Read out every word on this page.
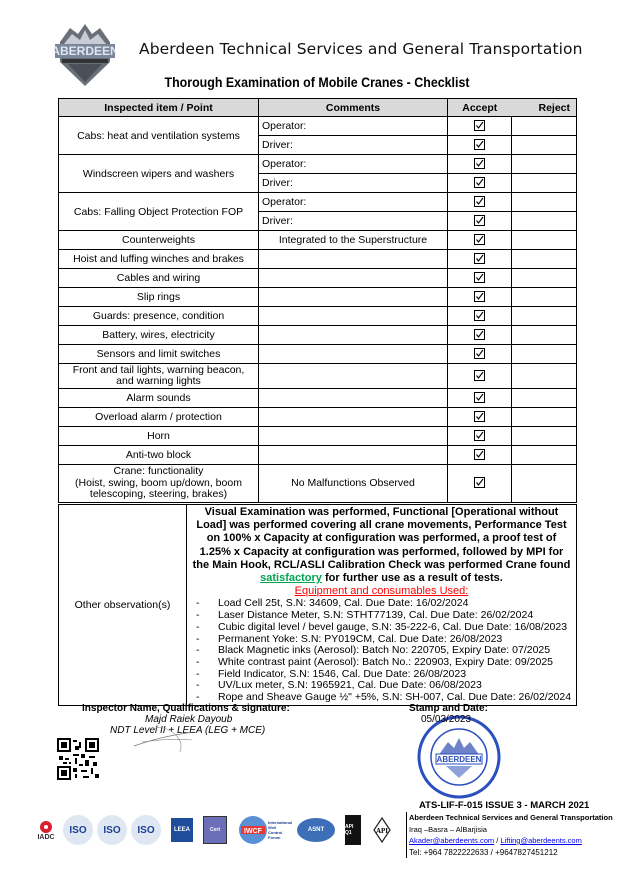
ABERDEEN Aberdeen Technical Services and General Transportation
Thorough Examination of Mobile Cranes - Checklist
Inspected item / Point	Comments	Accept	Reject
Cabs: heat and ventilation systems	Operator:	

	Driver:	

Windscreen wipers and washers	Operator:	

	Driver:	

Cabs: Falling Object Protection FOP	Operator:	

	Driver:	

Counterweights	Integrated to the Superstructure	

Hoist and luffing winches and brakes		

Cables and wiring		

Slip rings		

Guards: presence, condition		

Battery, wires, electricity		

Sensors and limit switches		

Front and tail lights, warning beacon, and warning lights		

Alarm sounds		

Overload alarm / protection		

Horn		

Anti-two block		

Crane: functionality
(Hoist, swing, boom up/down, boom telescoping, steering, brakes)	No Malfunctions Observed	

Other observation(s)	
Visual Examination was performed, Functional [Operational without Load] was performed covering all crane movements, Performance Test on 100% x Capacity at configuration was performed, a proof test of 1.25% x Capacity at configuration was performed, followed by MPI for the Main Hook, RCL/ASLI Calibration Check was performed Crane found satisfactory for further use as a result of tests.
Equipment and consumables Used:
- Load Cell 25t, S.N: 34609, Cal. Due Date: 16/02/2024
- Laser Distance Meter, S.N: STHT77139, Cal. Due Date: 26/02/2024
- Cubic digital level / bevel gauge, S.N: 35-222-6, Cal. Due Date: 16/08/2023
- Permanent Yoke: S.N: PY019CM, Cal. Due Date: 26/08/2023
- Black Magnetic inks (Aerosol): Batch No: 220705, Expiry Date: 07/2025
- White contrast paint (Aerosol): Batch No.: 220903, Expiry Date: 09/2025
- Field Indicator, S.N: 1546, Cal. Due Date: 26/08/2023
- UV/Lux meter, S.N: 1965921, Cal. Due Date: 06/08/2023
- Rope and Sheave Gauge ½" +5%, S.N: SH-007, Cal. Due Date: 26/02/2024
Inspector Name, Qualifications & signature:
Majd Raiek Dayoub
NDT Level II + LEEA (LEG + MCE)
ABERDEEN
Stamp and Date:
05/03/2023
ATS-LIF-F-015 ISSUE 3 - MARCH 2021
Aberdeen Technical Services and General Transportation
Iraq –Basra – AlBarjisia
Akader@aberdeents.com / Lifting@aberdeents.com
Tel: +964 7822222633 / +9647827451212
IADC
ISO	ISO	ISO	LEEA	Cert	IWCF
International Well Control Forum
ASNT	API Q1	API
